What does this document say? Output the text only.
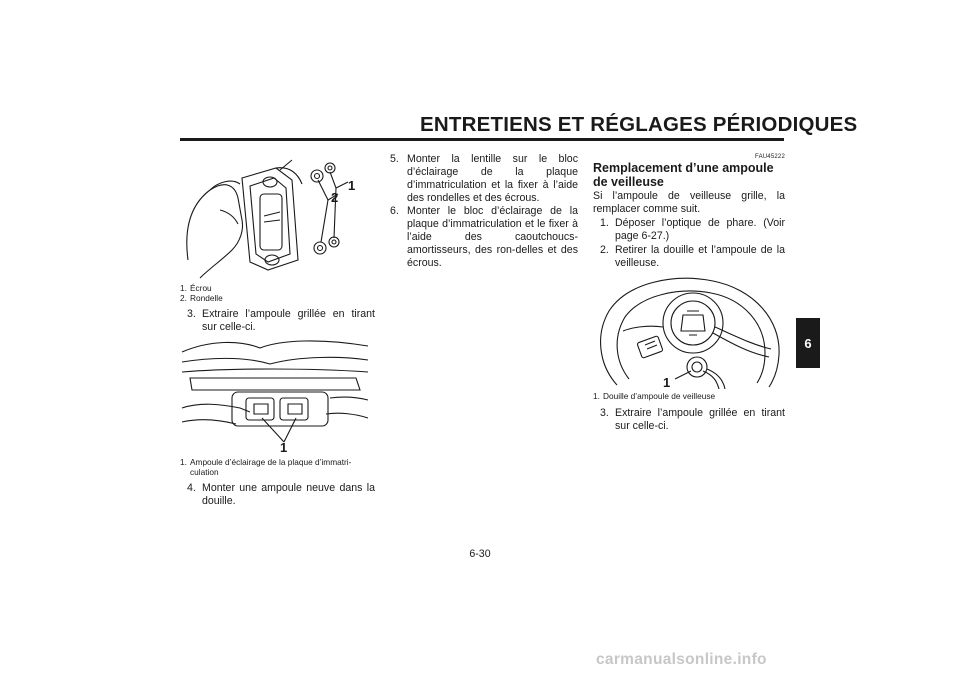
ENTRETIENS ET RÉGLAGES PÉRIODIQUES
6
1
2
1. Écrou
2. Rondelle
3. Extraire l’ampoule grillée en tirant sur celle-ci.
1
1. Ampoule d’éclairage de la plaque d’immatri-culation
4. Monter une ampoule neuve dans la douille.
5. Monter la lentille sur le bloc d’éclairage de la plaque d’immatriculation et la fixer à l’aide des rondelles et des écrous.
6. Monter le bloc d’éclairage de la plaque d’immatriculation et le fixer à l’aide des caoutchoucs-amortisseurs, des ron-delles et des écrous.
FAU45222
Remplacement d’une ampoule de veilleuse
Si l’ampoule de veilleuse grille, la remplacer comme suit.
1. Déposer l’optique de phare. (Voir page 6-27.)
2. Retirer la douille et l’ampoule de la veilleuse.
1
1. Douille d’ampoule de veilleuse
3. Extraire l’ampoule grillée en tirant sur celle-ci.
6-30
carmanualsonline.info
